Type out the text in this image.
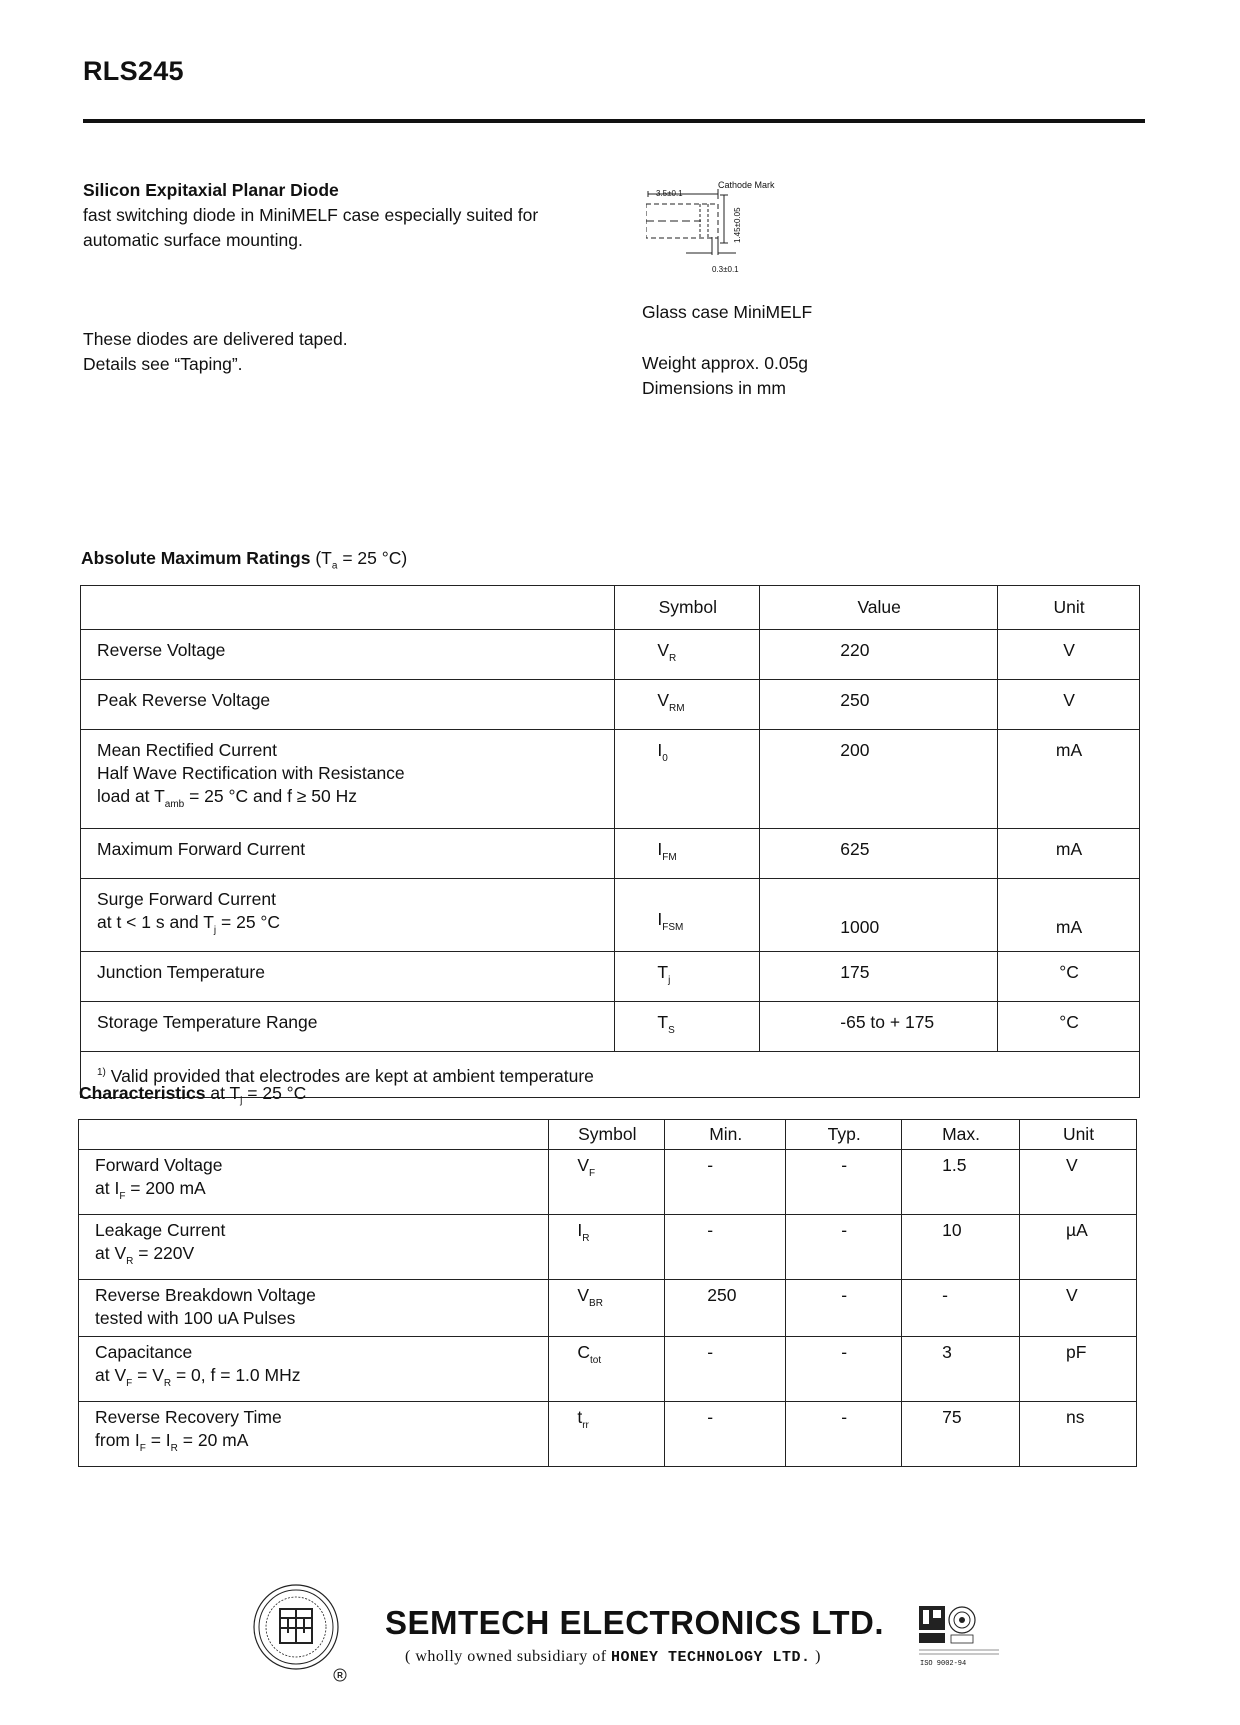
RLS245
Silicon Expitaxial Planar Diode
fast switching diode in MiniMELF case especially suited for
automatic surface mounting.
These diodes are delivered taped.
Details see “Taping”.
3.5±0.1
Cathode Mark
1.45±0.05
0.3±0.1
Glass case MiniMELF
Weight approx. 0.05g
Dimensions in mm
Absolute Maximum Ratings ($T_a = 25$ °C)
	Symbol	Value	Unit
Reverse Voltage	$V_R$	220	V
Peak Reverse Voltage	$V_{RM}$	250	V

Mean Rectified Current
Half Wave Rectification with Resistance
load at $T_{amb} = 25$ °C and f ≥ 50 Hz	$I_0$	200	mA
Maximum Forward Current	$I_{FM}$	625	mA

Surge Forward Current
at t < 1 s and $T_j = 25$ °C	$I_{FSM}$	1000	mA
Junction Temperature	$T_j$	175	°C
Storage Temperature Range	$T_S$	-65 to + 175	°C
$^{1)}$ Valid provided that electrodes are kept at ambient temperature			
Characteristics at $T_j = 25$ °C
	Symbol	Min.	Typ.	Max.	Unit

Forward Voltage
at $I_F = 200$ mA	$V_F$	-	-	1.5	V

Leakage Current
at $V_R = 220V$	$I_R$	-	-	10	µA

Reverse Breakdown Voltage
tested with 100 uA Pulses	$V_{BR}$	250	-	-	V

Capacitance
at $V_F = V_R = 0$, f = 1.0 MHz	$C_{tot}$	-	-	3	pF

Reverse Recovery Time
from $I_F = I_R = 20$ mA	$t_{rr}$	-	-	75	ns
R
SEMTECH ELECTRONICS LTD.
( wholly owned subsidiary of HONEY TECHNOLOGY LTD. )	ISO 9002-94
